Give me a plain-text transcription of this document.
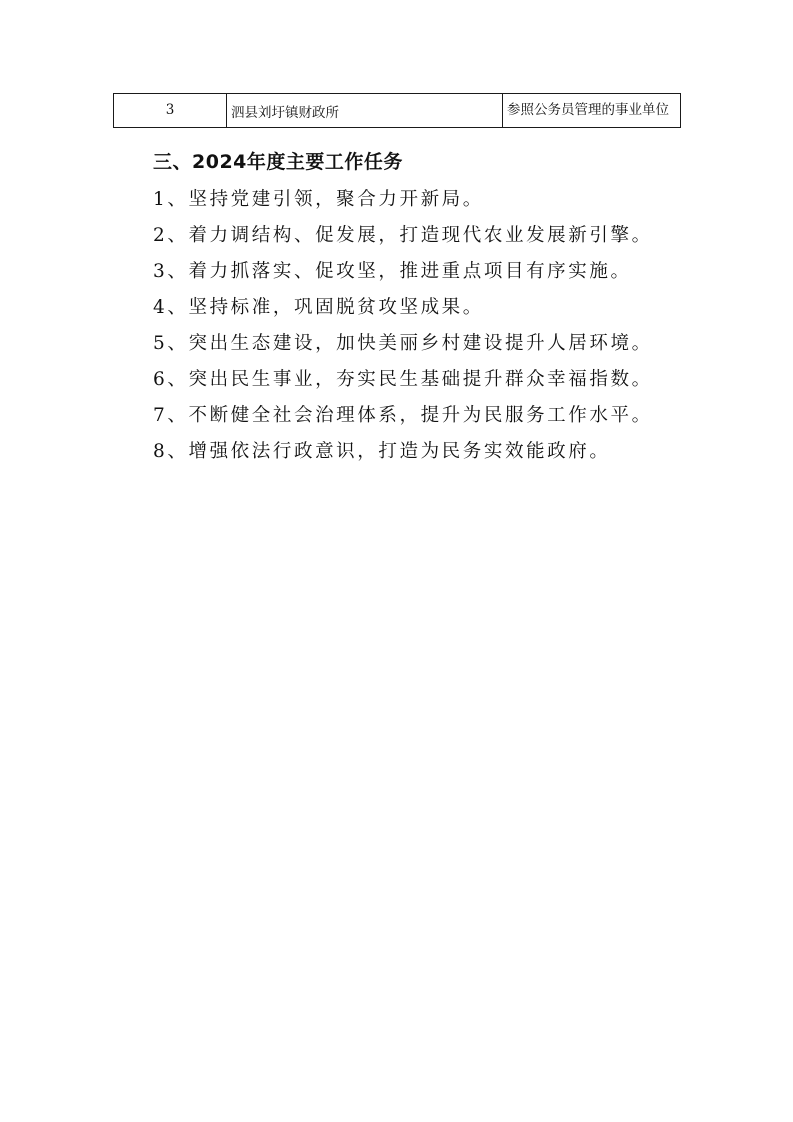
3	泗县刘圩镇财政所	参照公务员管理的事业单位
三、2024年度主要工作任务
1、坚持党建引领，聚合力开新局。
2、着力调结构、促发展，打造现代农业发展新引擎。
3、着力抓落实、促攻坚，推进重点项目有序实施。
4、坚持标准，巩固脱贫攻坚成果。
5、突出生态建设，加快美丽乡村建设提升人居环境。
6、突出民生事业，夯实民生基础提升群众幸福指数。
7、不断健全社会治理体系，提升为民服务工作水平。
8、增强依法行政意识，打造为民务实效能政府。
